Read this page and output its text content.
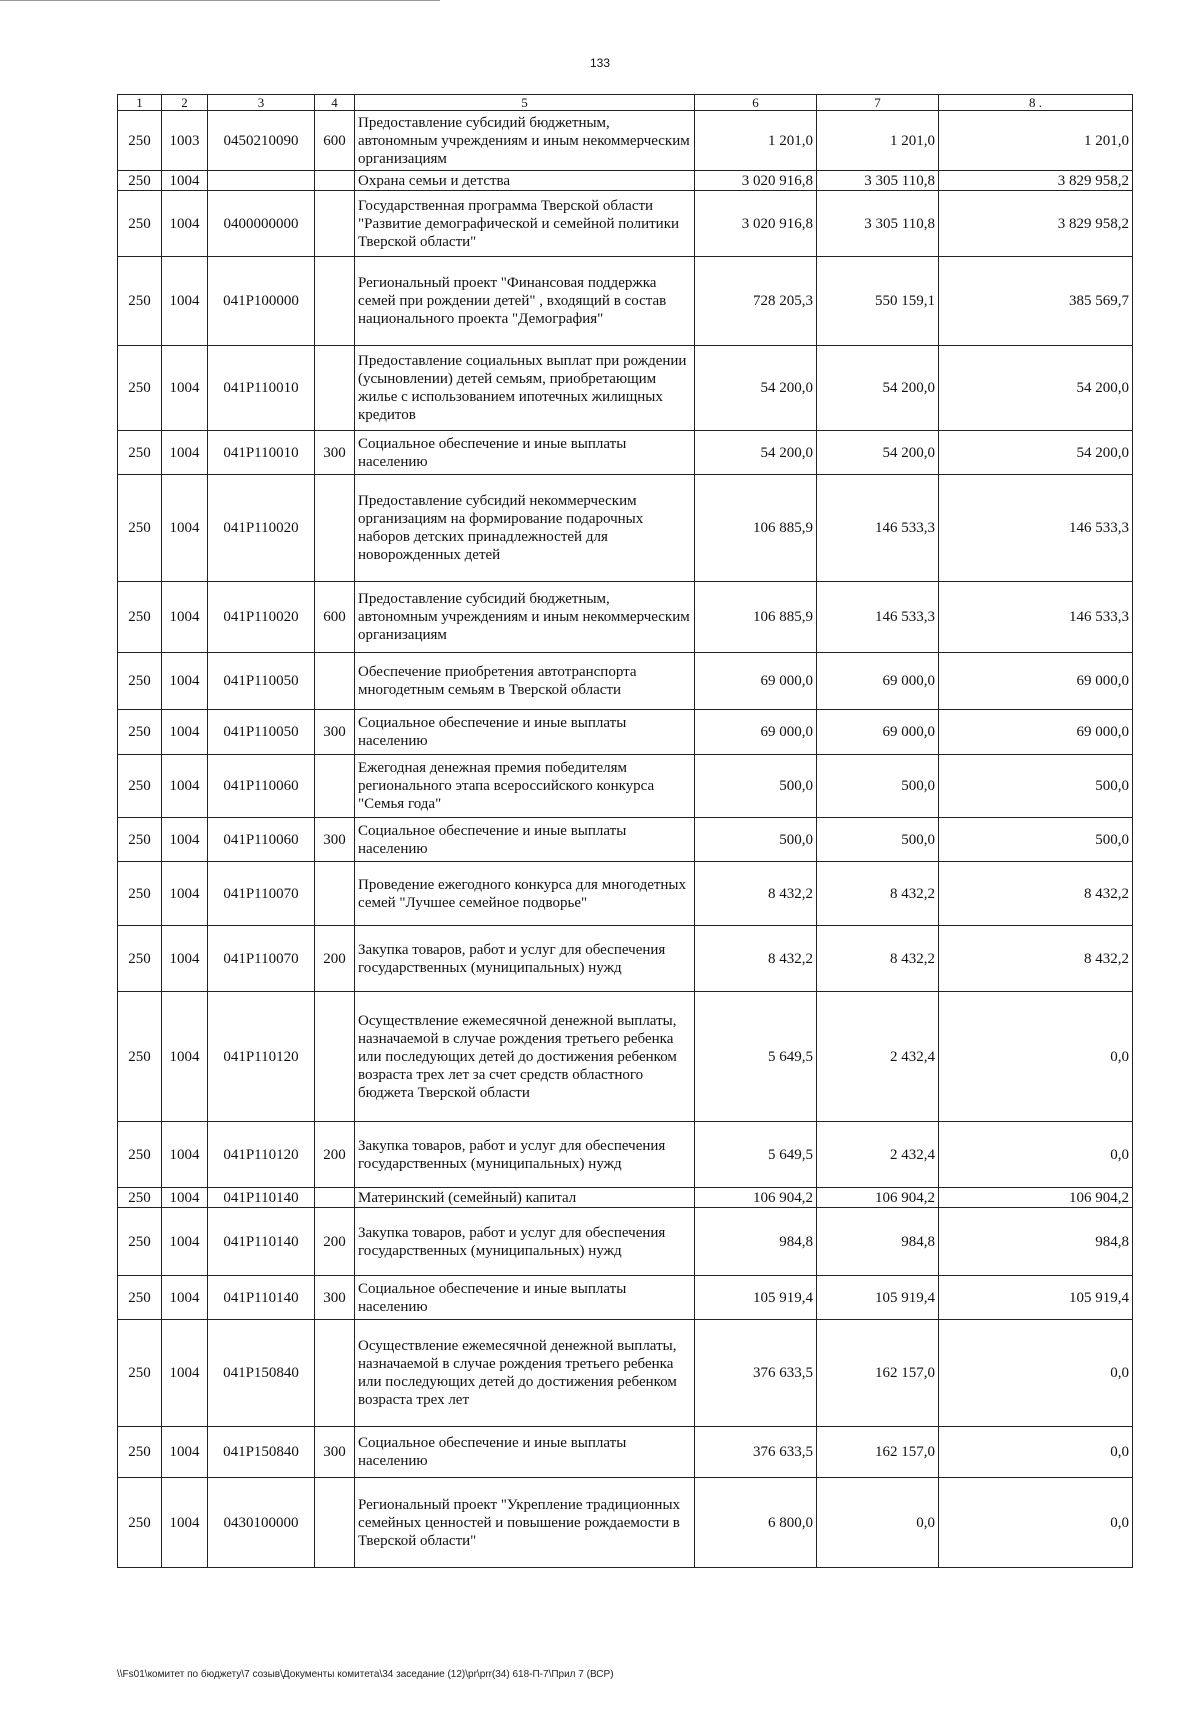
133
1	2	3	4	5	6	7	8 .
250	1003	0450210090	600	Предоставление субсидий бюджетным, автономным учреждениям и иным некоммерческим организациям	1 201,0	1 201,0	1 201,0
250	1004			Охрана семьи и детства	3 020 916,8	3 305 110,8	3 829 958,2
250	1004	0400000000		Государственная программа Тверской области "Развитие демографической и семейной политики Тверской области"	3 020 916,8	3 305 110,8	3 829 958,2
250	1004	041P100000		Региональный проект "Финансовая поддержка семей при рождении детей" , входящий в состав национального проекта "Демография"	728 205,3	550 159,1	385 569,7
250	1004	041P110010		Предоставление социальных выплат при рождении (усыновлении) детей семьям, приобретающим жилье с использованием ипотечных жилищных кредитов	54 200,0	54 200,0	54 200,0
250	1004	041P110010	300	Социальное обеспечение и иные выплаты населению	54 200,0	54 200,0	54 200,0
250	1004	041P110020		Предоставление субсидий некоммерческим организациям на формирование подарочных наборов детских принадлежностей для новорожденных детей	106 885,9	146 533,3	146 533,3
250	1004	041P110020	600	Предоставление субсидий бюджетным, автономным учреждениям и иным некоммерческим организациям	106 885,9	146 533,3	146 533,3
250	1004	041P110050		Обеспечение приобретения автотранспорта многодетным семьям в Тверской области	69 000,0	69 000,0	69 000,0
250	1004	041P110050	300	Социальное обеспечение и иные выплаты населению	69 000,0	69 000,0	69 000,0
250	1004	041P110060		Ежегодная денежная премия победителям регионального этапа всероссийского конкурса "Семья года"	500,0	500,0	500,0
250	1004	041P110060	300	Социальное обеспечение и иные выплаты населению	500,0	500,0	500,0
250	1004	041P110070		Проведение ежегодного конкурса для многодетных семей "Лучшее семейное подворье"	8 432,2	8 432,2	8 432,2
250	1004	041P110070	200	Закупка товаров, работ и услуг для обеспечения государственных (муниципальных) нужд	8 432,2	8 432,2	8 432,2
250	1004	041P110120		Осуществление ежемесячной денежной выплаты, назначаемой в случае рождения третьего ребенка или последующих детей до достижения ребенком возраста трех лет за счет средств областного бюджета Тверской области	5 649,5	2 432,4	0,0
250	1004	041P110120	200	Закупка товаров, работ и услуг для обеспечения государственных (муниципальных) нужд	5 649,5	2 432,4	0,0
250	1004	041P110140		Материнский (семейный) капитал	106 904,2	106 904,2	106 904,2
250	1004	041P110140	200	Закупка товаров, работ и услуг для обеспечения государственных (муниципальных) нужд	984,8	984,8	984,8
250	1004	041P110140	300	Социальное обеспечение и иные выплаты населению	105 919,4	105 919,4	105 919,4
250	1004	041P150840		Осуществление ежемесячной денежной выплаты, назначаемой в случае рождения третьего ребенка или последующих детей до достижения ребенком возраста трех лет	376 633,5	162 157,0	0,0
250	1004	041P150840	300	Социальное обеспечение и иные выплаты населению	376 633,5	162 157,0	0,0
250	1004	0430100000		Региональный проект "Укрепление традиционных семейных ценностей и повышение рождаемости в Тверской области"	6 800,0	0,0	0,0
\\Fs01\комитет по бюджету\7 созыв\Документы комитета\34 заседание (12)\pr\prr(34) 618-П-7\Прил 7 (ВСР)
